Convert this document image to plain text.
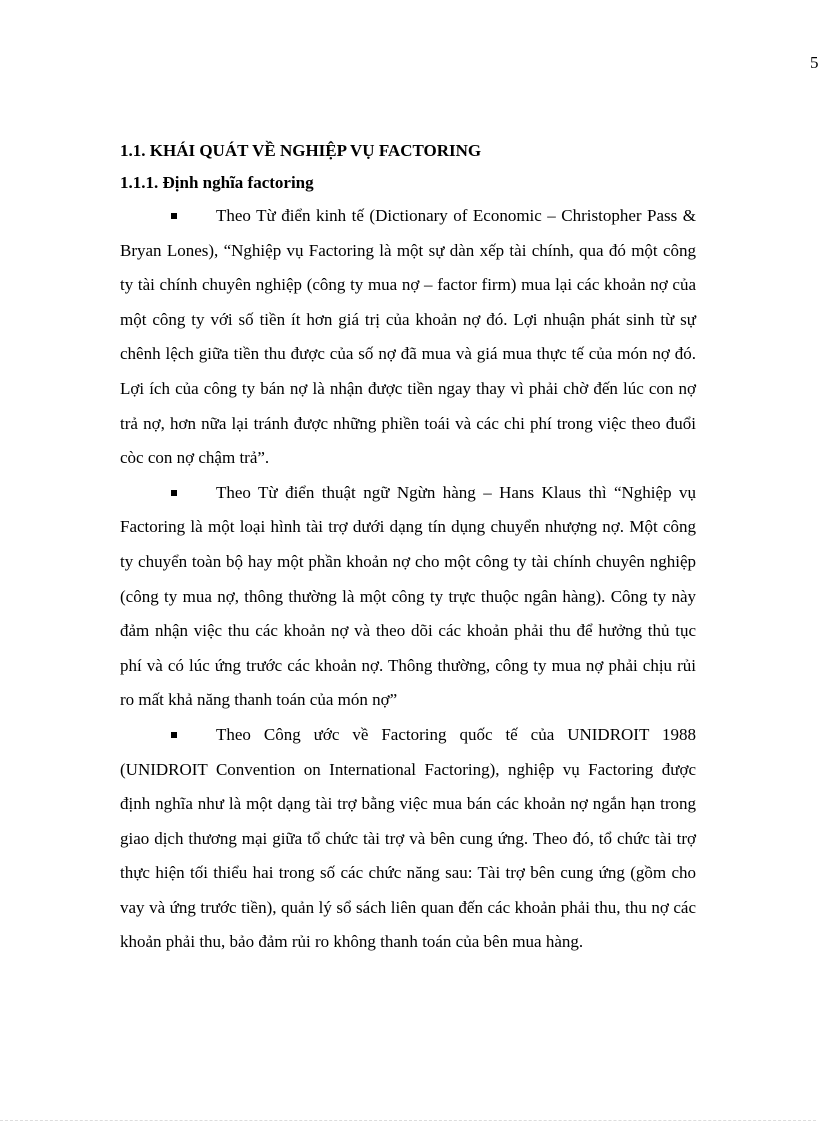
5
1.1. KHÁI QUÁT VỀ NGHIỆP VỤ FACTORING
1.1.1. Định nghĩa factoring

Theo Từ điển kinh tế (Dictionary of Economic – Christopher Pass & Bryan Lones), “Nghiệp vụ Factoring là một sự dàn xếp tài chính, qua đó một công ty tài chính chuyên nghiệp (công ty mua nợ – factor firm) mua lại các khoản nợ của một công ty với số tiền ít hơn giá trị của khoản nợ đó. Lợi nhuận phát sinh từ sự chênh lệch giữa tiền thu được của số nợ đã mua và giá mua thực tế của món nợ đó. Lợi ích của công ty bán nợ là nhận được tiền ngay thay vì phải chờ đến lúc con nợ trả nợ, hơn nữa lại tránh được những phiền toái và các chi phí trong việc theo đuổi còc con nợ chậm trả”.

Theo Từ điển thuật ngữ Ngừn hàng – Hans Klaus thì “Nghiệp vụ Factoring là một loại hình tài trợ dưới dạng tín dụng chuyển nhượng nợ. Một công ty chuyển toàn bộ hay một phần khoản nợ cho một công ty tài chính chuyên nghiệp (công ty mua nợ, thông thường là một công ty trực thuộc ngân hàng). Công ty này đảm nhận việc thu các khoản nợ và theo dõi các khoản phải thu để hưởng thủ tục phí và có lúc ứng trước các khoản nợ. Thông thường, công ty mua nợ phải chịu rủi ro mất khả năng thanh toán của món nợ”

Theo Công ước về Factoring quốc tế của UNIDROIT 1988 (UNIDROIT Convention on International Factoring), nghiệp vụ Factoring được định nghĩa như là một dạng tài trợ bằng việc mua bán các khoản nợ ngắn hạn trong giao dịch thương mại giữa tổ chức tài trợ và bên cung ứng. Theo đó, tổ chức tài trợ thực hiện tối thiểu hai trong số các chức năng sau: Tài trợ bên cung ứng (gồm cho vay và ứng trước tiền), quản lý sổ sách liên quan đến các khoản phải thu, thu nợ các khoản phải thu, bảo đảm rủi ro không thanh toán của bên mua hàng.
